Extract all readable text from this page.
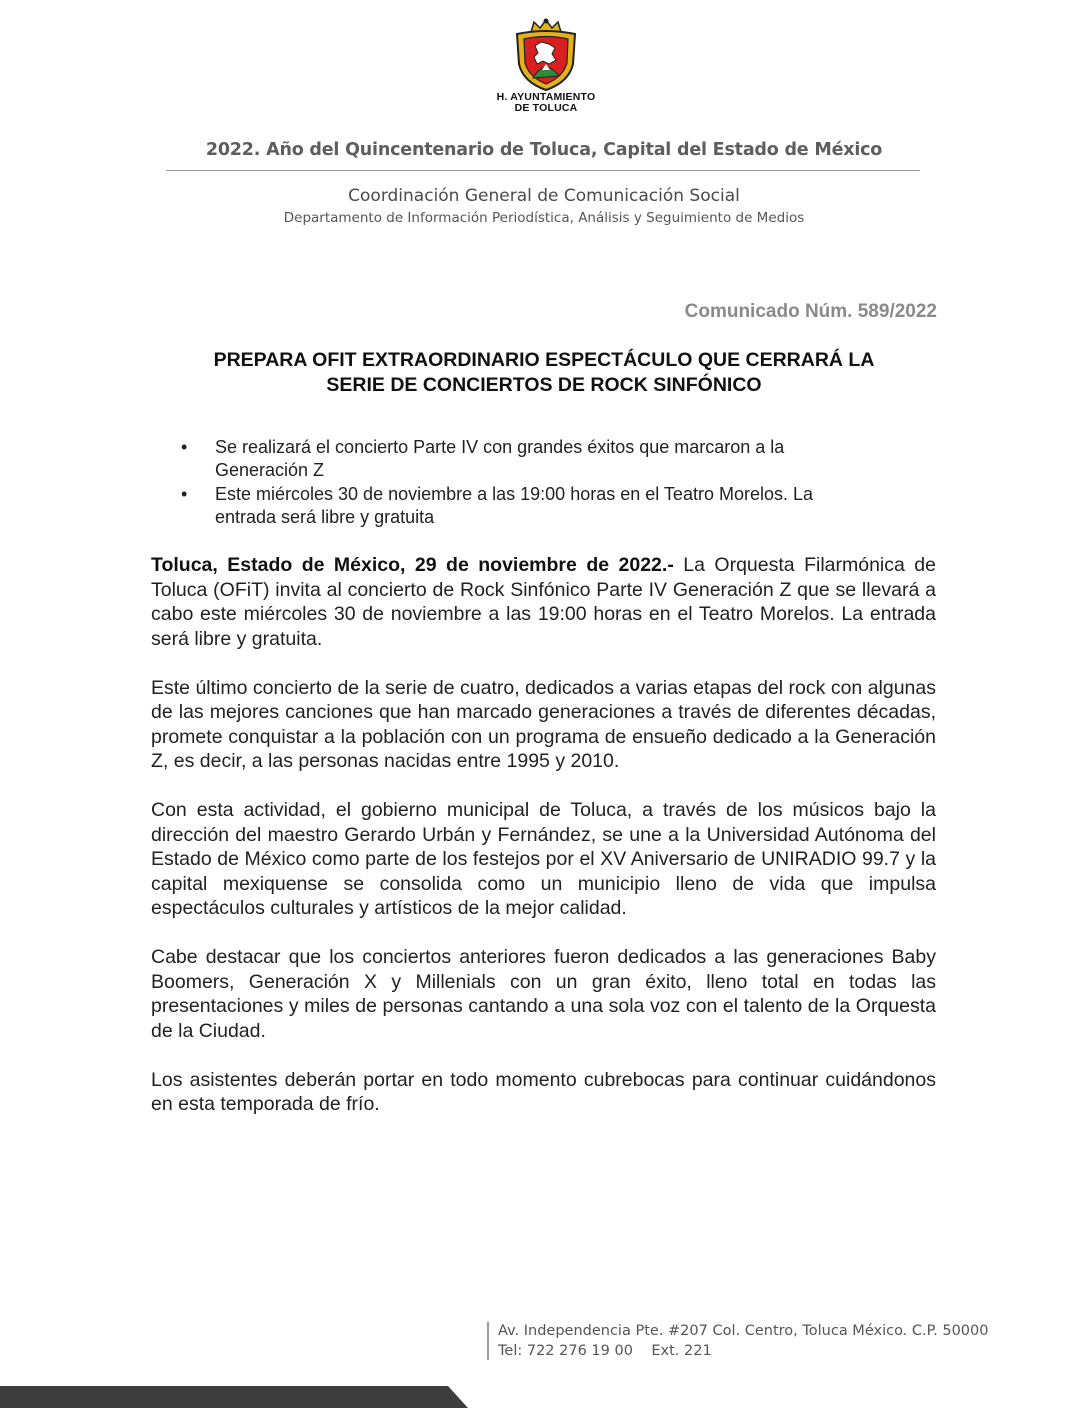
H. AYUNTAMIENTO
DE TOLUCA
2022. Año del Quincentenario de Toluca, Capital del Estado de México
Coordinación General de Comunicación Social
Departamento de Información Periodística, Análisis y Seguimiento de Medios
Comunicado Núm. 589/2022
PREPARA OFIT EXTRAORDINARIO ESPECTÁCULO QUE CERRARÁ LA
SERIE DE CONCIERTOS DE ROCK SINFÓNICO
• Se realizará el concierto Parte IV con grandes éxitos que marcaron a la Generación Z
• Este miércoles 30 de noviembre a las 19:00 horas en el Teatro Morelos. La entrada será libre y gratuita

Toluca, Estado de México, 29 de noviembre de 2022.- La Orquesta Filarmónica de Toluca (OFiT) invita al concierto de Rock Sinfónico Parte IV Generación Z que se llevará a cabo este miércoles 30 de noviembre a las 19:00 horas en el Teatro Morelos. La entrada será libre y gratuita.

Este último concierto de la serie de cuatro, dedicados a varias etapas del rock con algunas de las mejores canciones que han marcado generaciones a través de diferentes décadas, promete conquistar a la población con un programa de ensueño dedicado a la Generación Z, es decir, a las personas nacidas entre 1995 y 2010.

Con esta actividad, el gobierno municipal de Toluca, a través de los músicos bajo la dirección del maestro Gerardo Urbán y Fernández, se une a la Universidad Autónoma del Estado de México como parte de los festejos por el XV Aniversario de UNIRADIO 99.7 y la capital mexiquense se consolida como un municipio lleno de vida que impulsa espectáculos culturales y artísticos de la mejor calidad.

Cabe destacar que los conciertos anteriores fueron dedicados a las generaciones Baby Boomers, Generación X y Millenials con un gran éxito, lleno total en todas las presentaciones y miles de personas cantando a una sola voz con el talento de la Orquesta de la Ciudad.

Los asistentes deberán portar en todo momento cubrebocas para continuar cuidándonos en esta temporada de frío.

Av. Independencia Pte. #207 Col. Centro, Toluca México. C.P. 50000
Tel: 722 276 19 00    Ext. 221
